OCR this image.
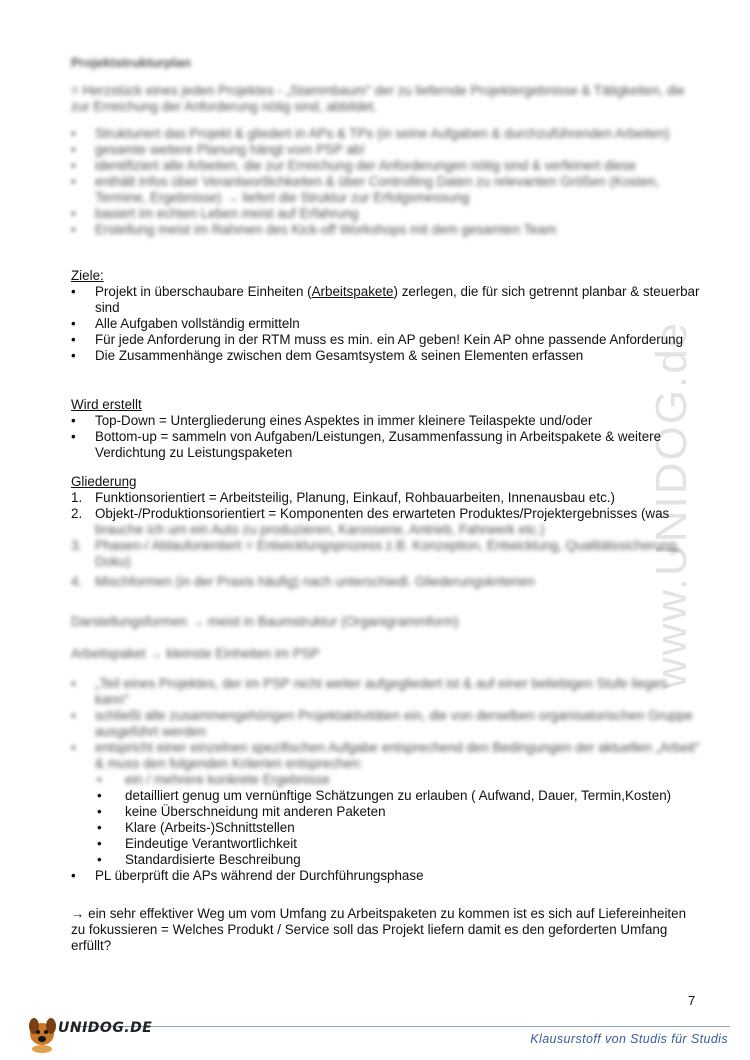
www.UNIDOG.de
Projektstrukturplan
= Herzstück eines jeden Projektes - „Stammbaum" der zu liefernde Projektergebnisse & Tätigkeiten, die zur Erreichung der Anforderung nötig sind, abbildet.
•	Strukturiert das Projekt & gliedert in APs & TPs (in seine Aufgaben & durchzuführenden Arbeiten)
•	gesamte weitere Planung hängt vom PSP ab!
•	identifiziert alle Arbeiten, die zur Erreichung der Anforderungen nötig sind & verfeinert diese
•	enthält Infos über Verantwortlichkeiten & über Controlling Daten zu relevanten Größen (Kosten, Termine, Ergebnisse) → liefert die Struktur zur Erfolgsmessung
•	basiert im echten Leben meist auf Erfahrung
•	Erstellung meist im Rahmen des Kick-off Workshops mit dem gesamten Team
Ziele:
•	Projekt in überschaubare Einheiten (Arbeitspakete) zerlegen, die für sich getrennt planbar & steuerbar sind
•	Alle Aufgaben vollständig ermitteln
•	Für jede Anforderung in der RTM muss es min. ein AP geben! Kein AP ohne passende Anforderung
•	Die Zusammenhänge zwischen dem Gesamtsystem & seinen Elementen erfassen
Wird erstellt
•	Top-Down = Untergliederung eines Aspektes in immer kleinere Teilaspekte und/oder
•	Bottom-up = sammeln von Aufgaben/Leistungen, Zusammenfassung in Arbeitspakete & weitere Verdichtung zu Leistungspaketen
Gliederung
1. Funktionsorientiert = Arbeitsteilig, Planung, Einkauf, Rohbauarbeiten, Innenausbau etc.)
2. Objekt-/Produktionsorientiert = Komponenten des erwarteten Produktes/Projektergebnisses (was
brauche ich um ein Auto zu produzieren, Karosserie, Antrieb, Fahrwerk etc.)
3. Phasen-/ Ablauforientiert = Entwicklungsprozess z.B. Konzeption, Entwicklung, Qualitätssicherung, Doku)
4. Mischformen (in der Praxis häufig) nach unterschiedl. Gliederungskriterien
Darstellungsformen → meist in Baumstruktur (Organigrammform)
Arbeitspaket → kleinste Einheiten im PSP
•	„Teil eines Projektes, der im PSP nicht weiter aufgegliedert ist & auf einer beliebigen Stufe liegen kann"
•	schließt alle zusammengehörigen Projektaktivitäten ein, die von derselben organisatorischen Gruppe ausgeführt werden
•	entspricht einer einzelnen spezifischen Aufgabe entsprechend den Bedingungen der aktuellen „Arbeit" & muss den folgenden Kriterien entsprechen:
•	ein / mehrere konkrete Ergebnisse
•	detailliert genug um vernünftige Schätzungen zu erlauben ( Aufwand, Dauer, Termin,Kosten)
•	keine Überschneidung mit anderen Paketen
•	Klare (Arbeits-)Schnittstellen
•	Eindeutige Verantwortlichkeit
•	Standardisierte Beschreibung
•	PL überprüft die APs während der Durchführungsphase
→ ein sehr effektiver Weg um vom Umfang zu Arbeitspaketen zu kommen ist es sich auf Liefereinheiten zu fokussieren = Welches Produkt / Service soll das Projekt liefern damit es den geforderten Umfang erfüllt?
7
UNIDOG.DE
Klausurstoff von Studis für Studis
